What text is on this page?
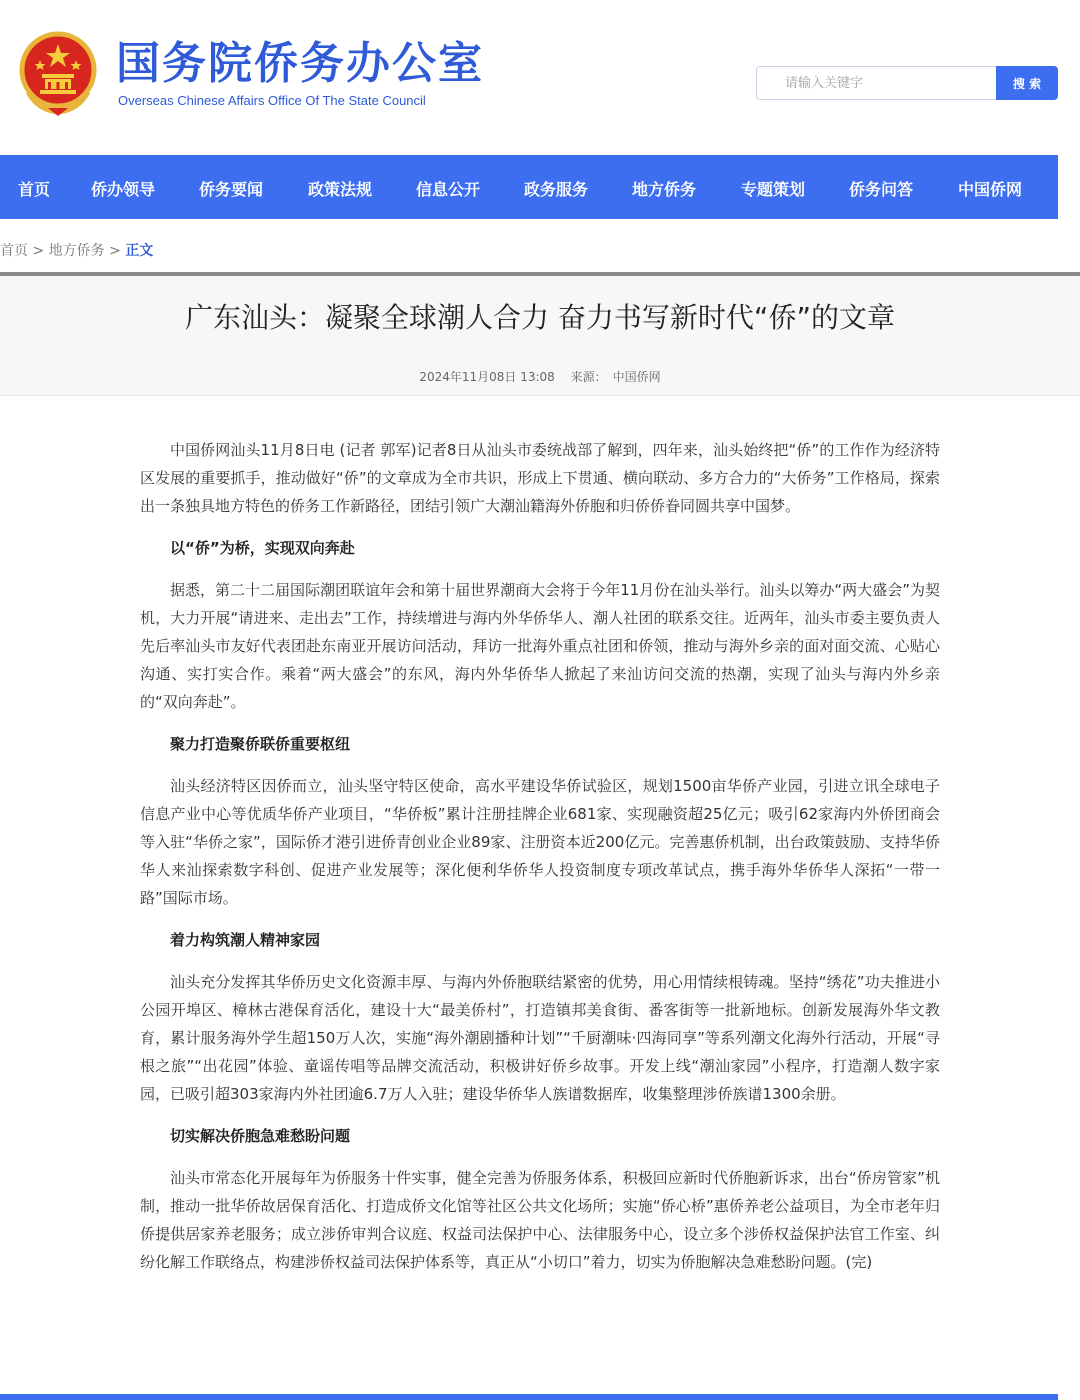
国务院侨务办公室
Overseas Chinese Affairs Office Of The State Council
请输入关键字
搜 索
首页	侨办领导	侨务要闻	政策法规	信息公开	政务服务	地方侨务	专题策划	侨务问答	中国侨网
首页 > 地方侨务 > 正文
广东汕头：凝聚全球潮人合力 奋力书写新时代“侨”的文章
2024年11月08日 13:08 来源： 中国侨网

中国侨网汕头11月8日电 (记者 郭军)记者8日从汕头市委统战部了解到，四年来，汕头始终把“侨”的工作作为经济特区发展的重要抓手，推动做好“侨”的文章成为全市共识，形成上下贯通、横向联动、多方合力的“大侨务”工作格局，探索出一条独具地方特色的侨务工作新路径，团结引领广大潮汕籍海外侨胞和归侨侨眷同圆共享中国梦。

以“侨”为桥，实现双向奔赴

据悉，第二十二届国际潮团联谊年会和第十届世界潮商大会将于今年11月份在汕头举行。汕头以筹办“两大盛会”为契机，大力开展“请进来、走出去”工作，持续增进与海内外华侨华人、潮人社团的联系交往。近两年，汕头市委主要负责人先后率汕头市友好代表团赴东南亚开展访问活动，拜访一批海外重点社团和侨领，推动与海外乡亲的面对面交流、心贴心沟通、实打实合作。乘着“两大盛会”的东风，海内外华侨华人掀起了来汕访问交流的热潮，实现了汕头与海内外乡亲的“双向奔赴”。

聚力打造聚侨联侨重要枢纽

汕头经济特区因侨而立，汕头坚守特区使命，高水平建设华侨试验区，规划1500亩华侨产业园，引进立讯全球电子信息产业中心等优质华侨产业项目，“华侨板”累计注册挂牌企业681家、实现融资超25亿元；吸引62家海内外侨团商会等入驻“华侨之家”，国际侨才港引进侨青创业企业89家、注册资本近200亿元。完善惠侨机制，出台政策鼓励、支持华侨华人来汕探索数字科创、促进产业发展等；深化便利华侨华人投资制度专项改革试点，携手海外华侨华人深拓“一带一路”国际市场。

着力构筑潮人精神家园

汕头充分发挥其华侨历史文化资源丰厚、与海内外侨胞联结紧密的优势，用心用情续根铸魂。坚持“绣花”功夫推进小公园开埠区、樟林古港保育活化，建设十大“最美侨村”，打造镇邦美食街、番客街等一批新地标。创新发展海外华文教育，累计服务海外学生超150万人次，实施“海外潮剧播种计划”“千厨潮味·四海同享”等系列潮文化海外行活动，开展“寻根之旅”“出花园”体验、童谣传唱等品牌交流活动，积极讲好侨乡故事。开发上线“潮汕家园”小程序，打造潮人数字家园，已吸引超303家海内外社团逾6.7万人入驻；建设华侨华人族谱数据库，收集整理涉侨族谱1300余册。

切实解决侨胞急难愁盼问题

汕头市常态化开展每年为侨服务十件实事，健全完善为侨服务体系，积极回应新时代侨胞新诉求，出台“侨房管家”机制，推动一批华侨故居保育活化、打造成侨文化馆等社区公共文化场所；实施“侨心桥”惠侨养老公益项目，为全市老年归侨提供居家养老服务；成立涉侨审判合议庭、权益司法保护中心、法律服务中心，设立多个涉侨权益保护法官工作室、纠纷化解工作联络点，构建涉侨权益司法保护体系等，真正从“小切口”着力，切实为侨胞解决急难愁盼问题。(完)
